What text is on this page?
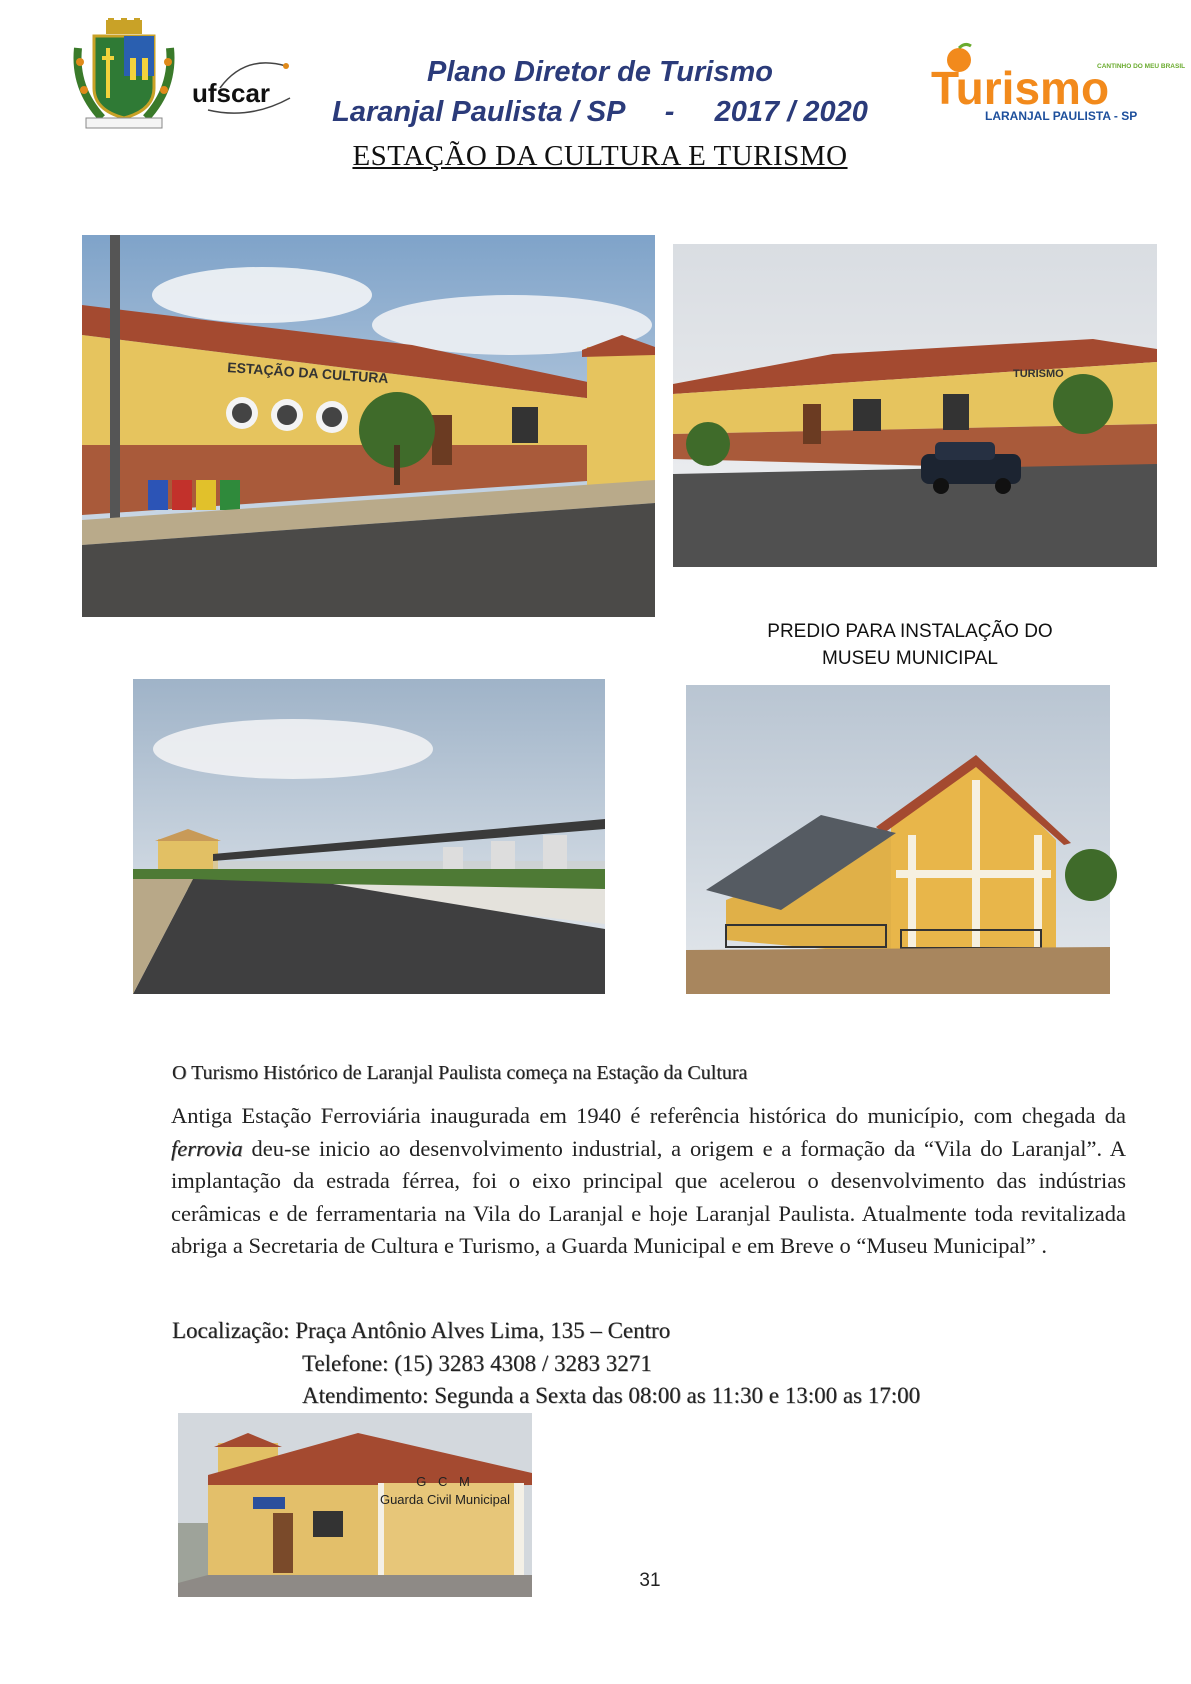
ufscar
Plano Diretor de Turismo
Laranjal Paulista / SP     -     2017 / 2020	Turismo
CANTINHO DO MEU BRASIL
LARANJAL PAULISTA - SP
ESTAÇÃO DA CULTURA E TURISMO
ESTAÇÃO DA CULTURA	TURISMO
PREDIO PARA INSTALAÇÃO DO
MUSEU MUNICIPAL
O Turismo Histórico de Laranjal Paulista começa na Estação da Cultura
Antiga Estação Ferroviária inaugurada em 1940 é referência histórica do município, com chegada da ferrovia deu-se inicio ao desenvolvimento industrial, a origem e a formação da “Vila do Laranjal”. A implantação da estrada férrea, foi o eixo principal que acelerou o desenvolvimento das indústrias cerâmicas e de ferramentaria na Vila do Laranjal e hoje Laranjal Paulista. Atualmente toda revitalizada abriga a Secretaria de Cultura e Turismo, a Guarda Municipal e em Breve o “Museu Municipal” .
Localização: Praça Antônio Alves Lima, 135 – Centro
Telefone: (15) 3283 4308 / 3283 3271
Atendimento: Segunda a Sexta das 08:00 as 11:30 e 13:00 as 17:00
G C M
Guarda Civil Municipal
31
